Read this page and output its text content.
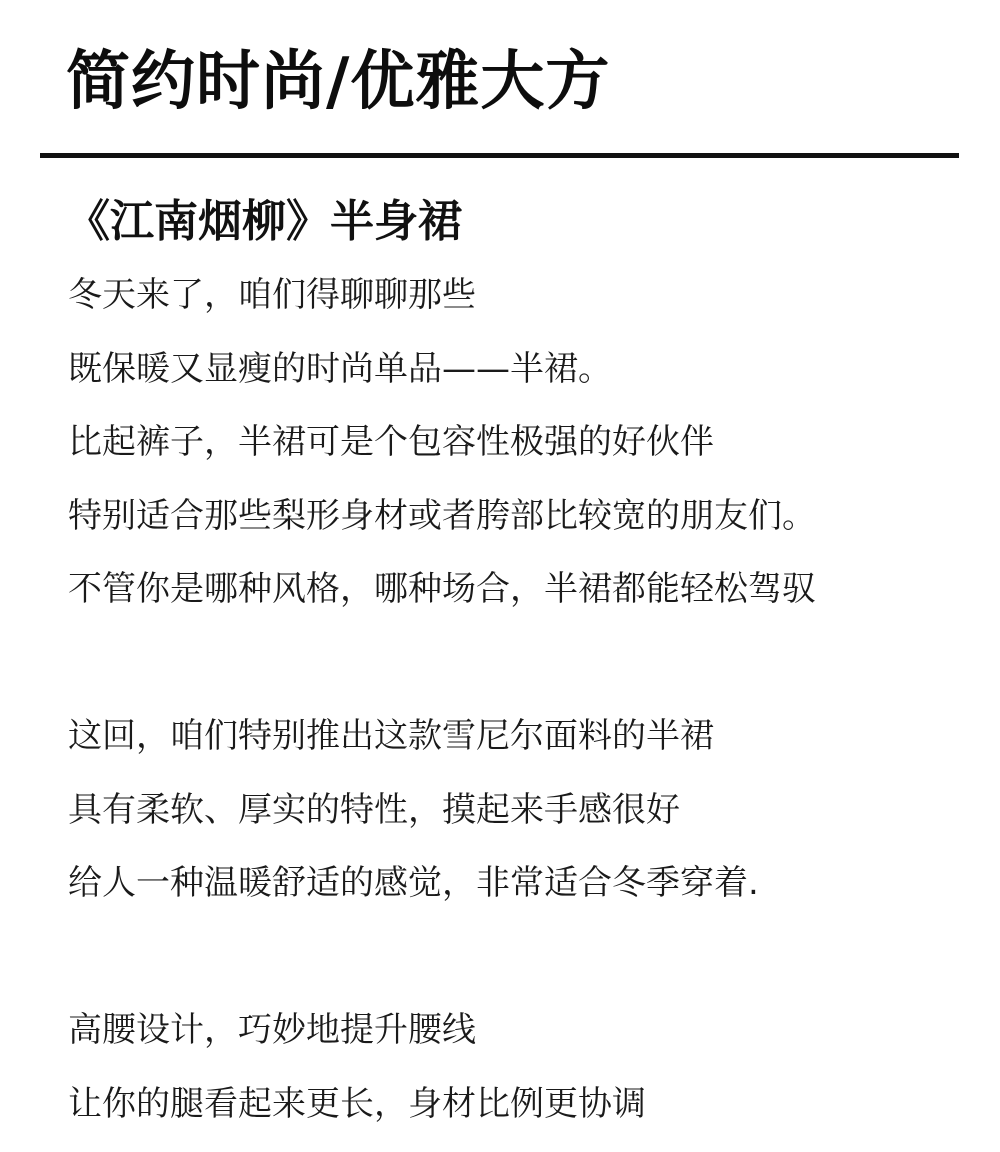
简约时尚/优雅大方
《江南烟柳》半身裙
冬天来了，咱们得聊聊那些
既保暖又显瘦的时尚单品——半裙。
比起裤子，半裙可是个包容性极强的好伙伴
特别适合那些梨形身材或者胯部比较宽的朋友们。
不管你是哪种风格，哪种场合，半裙都能轻松驾驭
这回，咱们特别推出这款雪尼尔面料的半裙
具有柔软、厚实的特性，摸起来手感很好
给人一种温暖舒适的感觉，非常适合冬季穿着.
高腰设计，巧妙地提升腰线
让你的腿看起来更长，身材比例更协调
